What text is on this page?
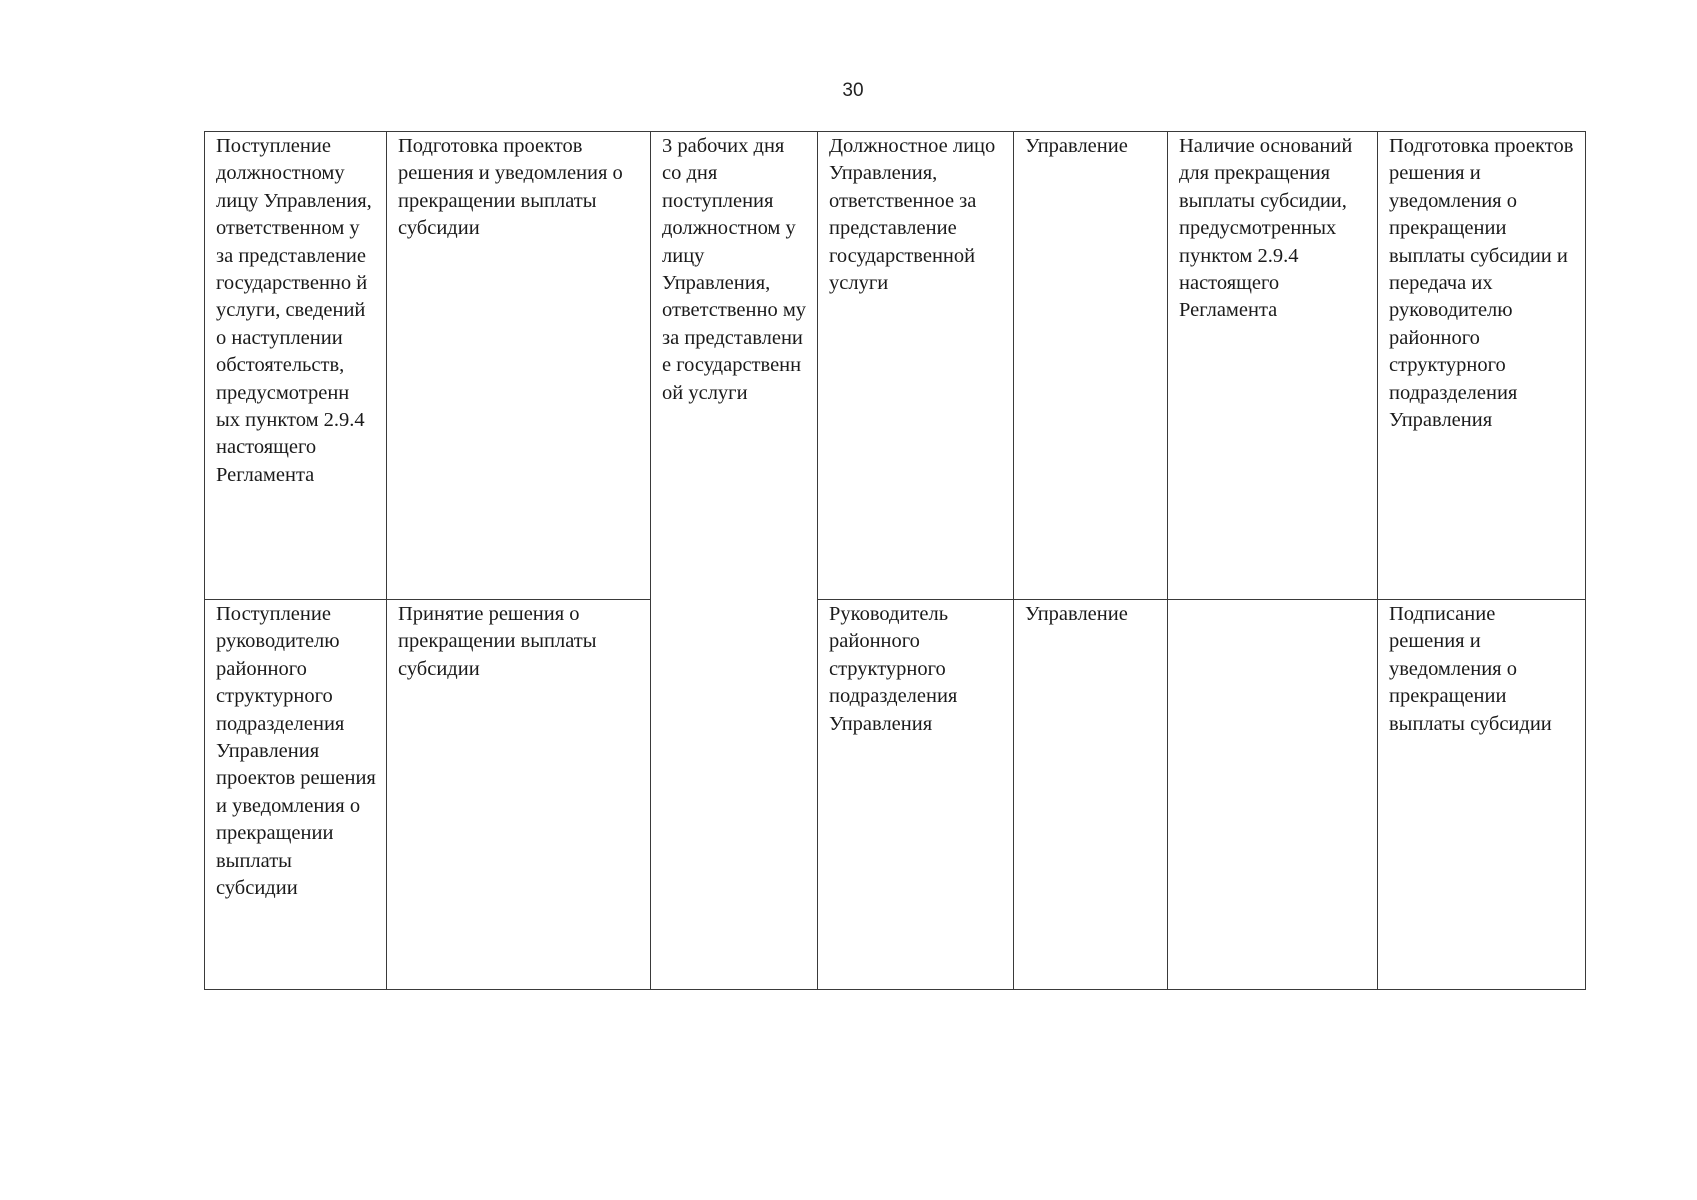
30
Поступление должностному лицу Управления, ответственном у за представление государственно й услуги, сведений о наступлении обстоятельств, предусмотренн ых пунктом 2.9.4 настоящего Регламента	Подготовка проектов решения и уведомления о прекращении выплаты субсидии	3 рабочих дня со дня поступления должностном у лицу Управления, ответственно му за представлени е государственн ой услуги	Должностное лицо Управления, ответственное за представление государственной услуги	Управление	Наличие оснований для прекращения выплаты субсидии, предусмотренных пунктом 2.9.4 настоящего Регламента	Подготовка проектов решения и уведомления о прекращении выплаты субсидии и передача их руководителю районного структурного подразделения Управления
Поступление руководителю районного структурного подразделения Управления проектов решения и уведомления о прекращении выплаты субсидии	Принятие решения о прекращении выплаты субсидии		Руководитель районного структурного подразделения Управления	Управление		Подписание решения и уведомления о прекращении выплаты субсидии
